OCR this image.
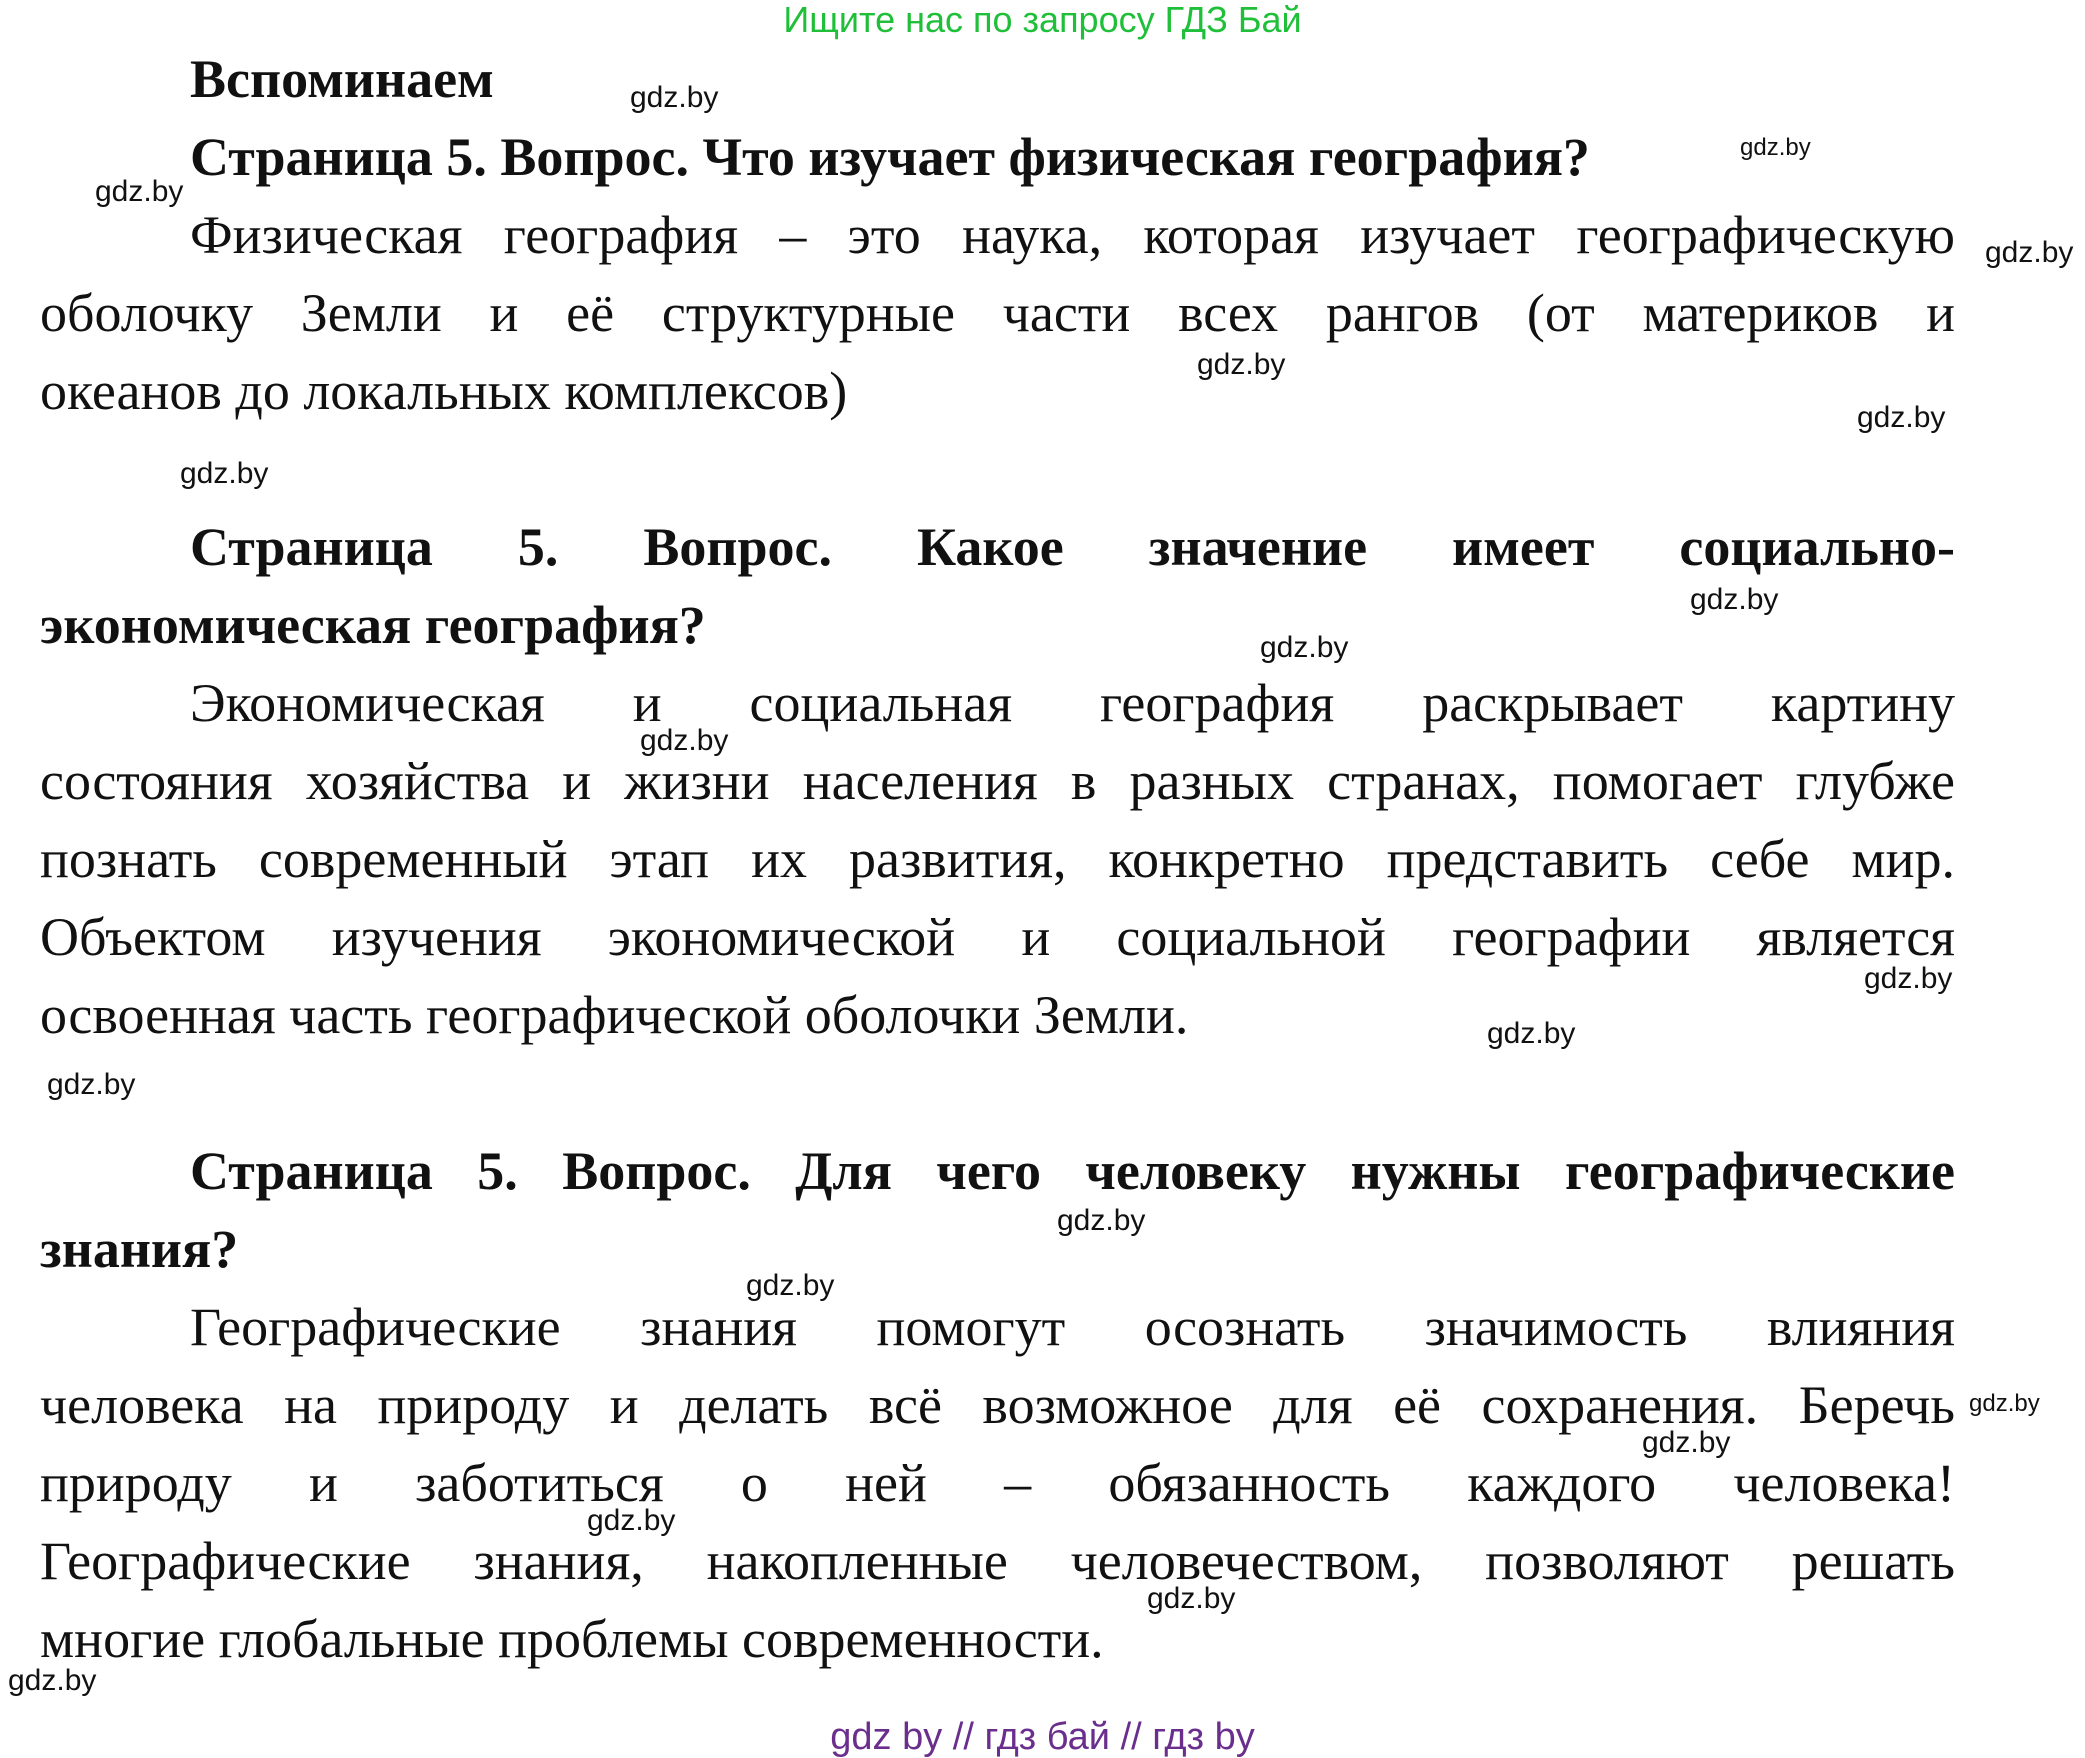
Ищите нас по запросу ГДЗ Бай
Вспоминаем
Страница 5. Вопрос. Что изучает физическая география?
Физическая география – это наука, которая изучает географическую
оболочку Земли и её структурные части всех рангов (от материков и
океанов до локальных комплексов)
Страница 5. Вопрос. Какое значение имеет социально-
экономическая география?
Экономическая и социальная география раскрывает картину
состояния хозяйства и жизни населения в разных странах, помогает глубже
познать современный этап их развития, конкретно представить себе мир.
Объектом изучения экономической и социальной географии является
освоенная часть географической оболочки Земли.
Страница 5. Вопрос. Для чего человеку нужны географические
знания?
Географические знания помогут осознать значимость влияния
человека на природу и делать всё возможное для её сохранения. Беречь
природу и заботиться о ней – обязанность каждого человека!
Географические знания, накопленные человечеством, позволяют решать
многие глобальные проблемы современности.
gdz.by
gdz.by
gdz.by
gdz.by
gdz.by
gdz.by
gdz.by
gdz.by
gdz.by
gdz.by
gdz.by
gdz.by
gdz.by
gdz.by
gdz.by
gdz.by
gdz.by
gdz.by
gdz.by
gdz.by
gdz by // гдз бай // гдз by
